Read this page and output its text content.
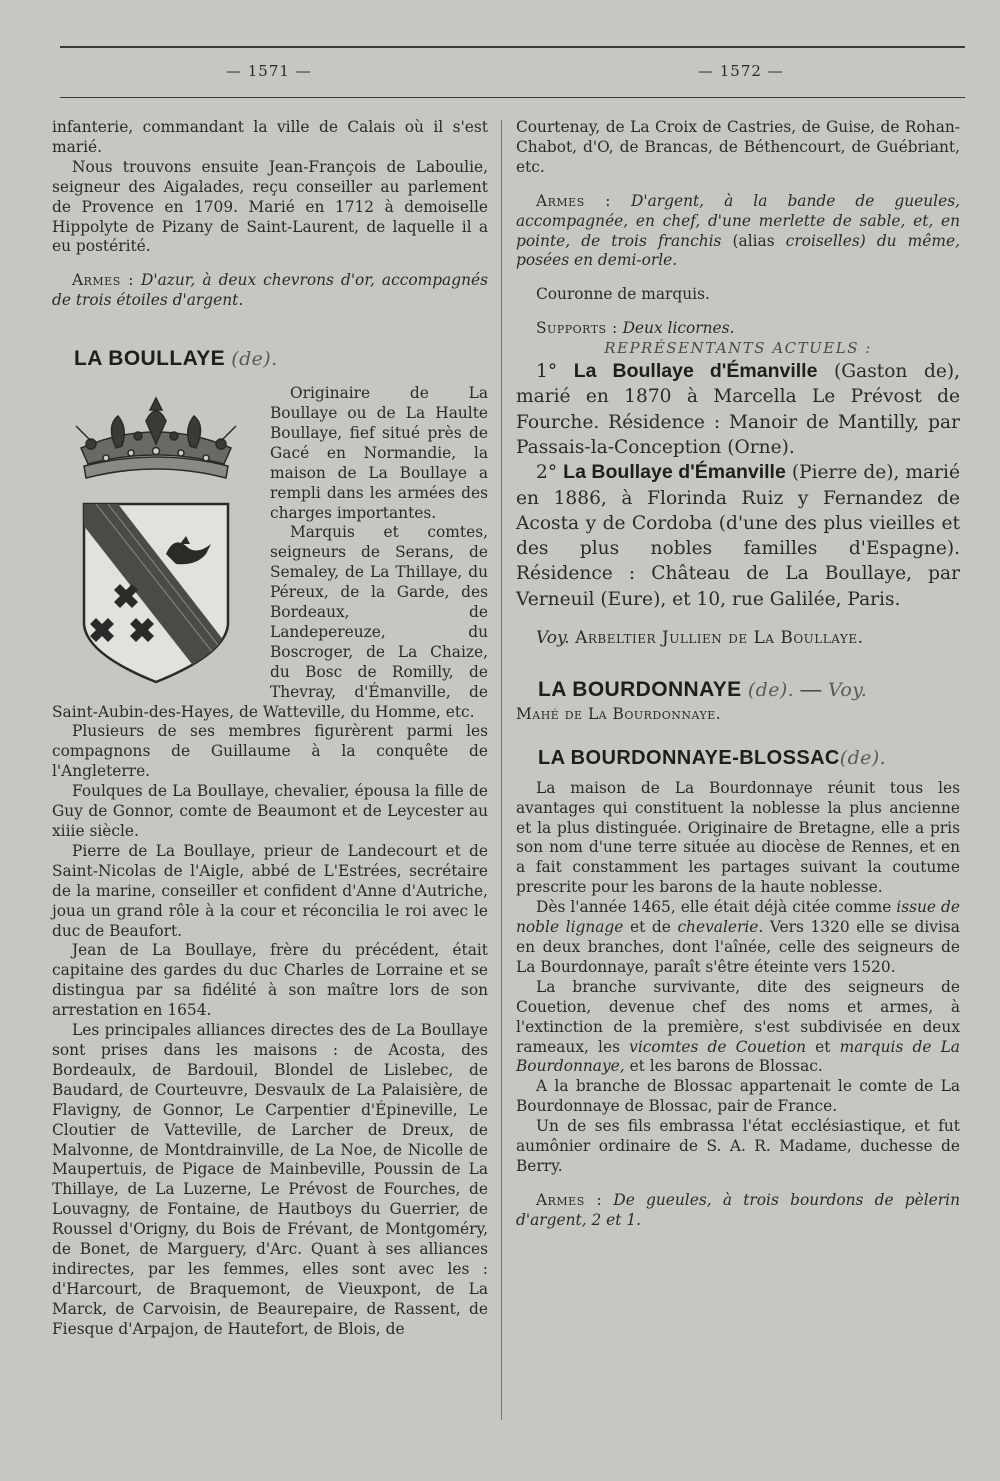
— 1571 —	— 1572 —

infanterie, commandant la ville de Calais où il s'est marié.

Nous trouvons ensuite Jean-François de Laboulie, seigneur des Aigalades, reçu conseiller au parlement de Provence en 1709. Marié en 1712 à demoiselle Hippolyte de Pizany de Saint-Laurent, de laquelle il a eu postérité.

Armes : D'azur, à deux chevrons d'or, accompagnés de trois étoiles d'argent.

LA BOULLAYE (de).

Originaire de La Boullaye ou de La Haulte Boullaye, fief situé près de Gacé en Normandie, la maison de La Boullaye a rempli dans les armées des charges importantes.

Marquis et comtes, seigneurs de Serans, de Semaley, de La Thillaye, du Péreux, de la Garde, des Bordeaux, de Landepereuze, du Boscroger, de La Chaize, du Bosc de Romilly, de Thevray, d'Émanville, de Saint-Aubin-des-Hayes, de Watteville, du Homme, etc.

Plusieurs de ses membres figurèrent parmi les compagnons de Guillaume à la conquête de l'Angleterre.

Foulques de La Boullaye, chevalier, épousa la fille de Guy de Gonnor, comte de Beaumont et de Leycester au xiiie siècle.

Pierre de La Boullaye, prieur de Landecourt et de Saint-Nicolas de l'Aigle, abbé de L'Estrées, secrétaire de la marine, conseiller et confident d'Anne d'Autriche, joua un grand rôle à la cour et réconcilia le roi avec le duc de Beaufort.

Jean de La Boullaye, frère du précédent, était capitaine des gardes du duc Charles de Lorraine et se distingua par sa fidélité à son maître lors de son arrestation en 1654.

Les principales alliances directes des de La Boullaye sont prises dans les maisons : de Acosta, des Bordeaulx, de Bardouil, Blondel de Lislebec, de Baudard, de Courteuvre, Desvaulx de La Palaisière, de Flavigny, de Gonnor, Le Carpentier d'Épineville, Le Cloutier de Vatteville, de Larcher de Dreux, de Malvonne, de Montdrainville, de La Noe, de Nicolle de Maupertuis, de Pigace de Mainbeville, Poussin de La Thillaye, de La Luzerne, Le Prévost de Fourches, de Louvagny, de Fontaine, de Hautboys du Guerrier, de Roussel d'Origny, du Bois de Frévant, de Montgoméry, de Bonet, de Marguery, d'Arc. Quant à ses alliances indirectes, par les femmes, elles sont avec les : d'Harcourt, de Braquemont, de Vieuxpont, de La Marck, de Carvoisin, de Beaurepaire, de Rassent, de Fiesque d'Arpajon, de Hautefort, de Blois, de

Courtenay, de La Croix de Castries, de Guise, de Rohan-Chabot, d'O, de Brancas, de Béthencourt, de Guébriant, etc.

Armes : D'argent, à la bande de gueules, accompagnée, en chef, d'une merlette de sable, et, en pointe, de trois franchis (alias croiselles) du même, posées en demi-orle.

Couronne de marquis.

Supports : Deux licornes.

REPRÉSENTANTS ACTUELS :

1° La Boullaye d'Émanville (Gaston de), marié en 1870 à Marcella Le Prévost de Fourche. Résidence : Manoir de Mantilly, par Passais-la-Conception (Orne).

2° La Boullaye d'Émanville (Pierre de), marié en 1886, à Florinda Ruiz y Fernandez de Acosta y de Cordoba (d'une des plus vieilles et des plus nobles familles d'Espagne). Résidence : Château de La Boullaye, par Verneuil (Eure), et 10, rue Galilée, Paris.

Voy. Arbeltier Jullien de La Boullaye.

LA BOURDONNAYE (de). — Voy.

Mahé de La Bourdonnaye.

LA BOURDONNAYE-BLOSSAC(de).

La maison de La Bourdonnaye réunit tous les avantages qui constituent la noblesse la plus ancienne et la plus distinguée. Originaire de Bretagne, elle a pris son nom d'une terre située au diocèse de Rennes, et en a fait constamment les partages suivant la coutume prescrite pour les barons de la haute noblesse.

Dès l'année 1465, elle était déjà citée comme issue de noble lignage et de chevalerie. Vers 1320 elle se divisa en deux branches, dont l'aînée, celle des seigneurs de La Bourdonnaye, paraît s'être éteinte vers 1520.

La branche survivante, dite des seigneurs de Couetion, devenue chef des noms et armes, à l'extinction de la première, s'est subdivisée en deux rameaux, les vicomtes de Couetion et marquis de La Bourdonnaye, et les barons de Blossac.

A la branche de Blossac appartenait le comte de La Bourdonnaye de Blossac, pair de France.

Un de ses fils embrassa l'état ecclésiastique, et fut aumônier ordinaire de S. A. R. Madame, duchesse de Berry.

Armes : De gueules, à trois bourdons de pèlerin d'argent, 2 et 1.
